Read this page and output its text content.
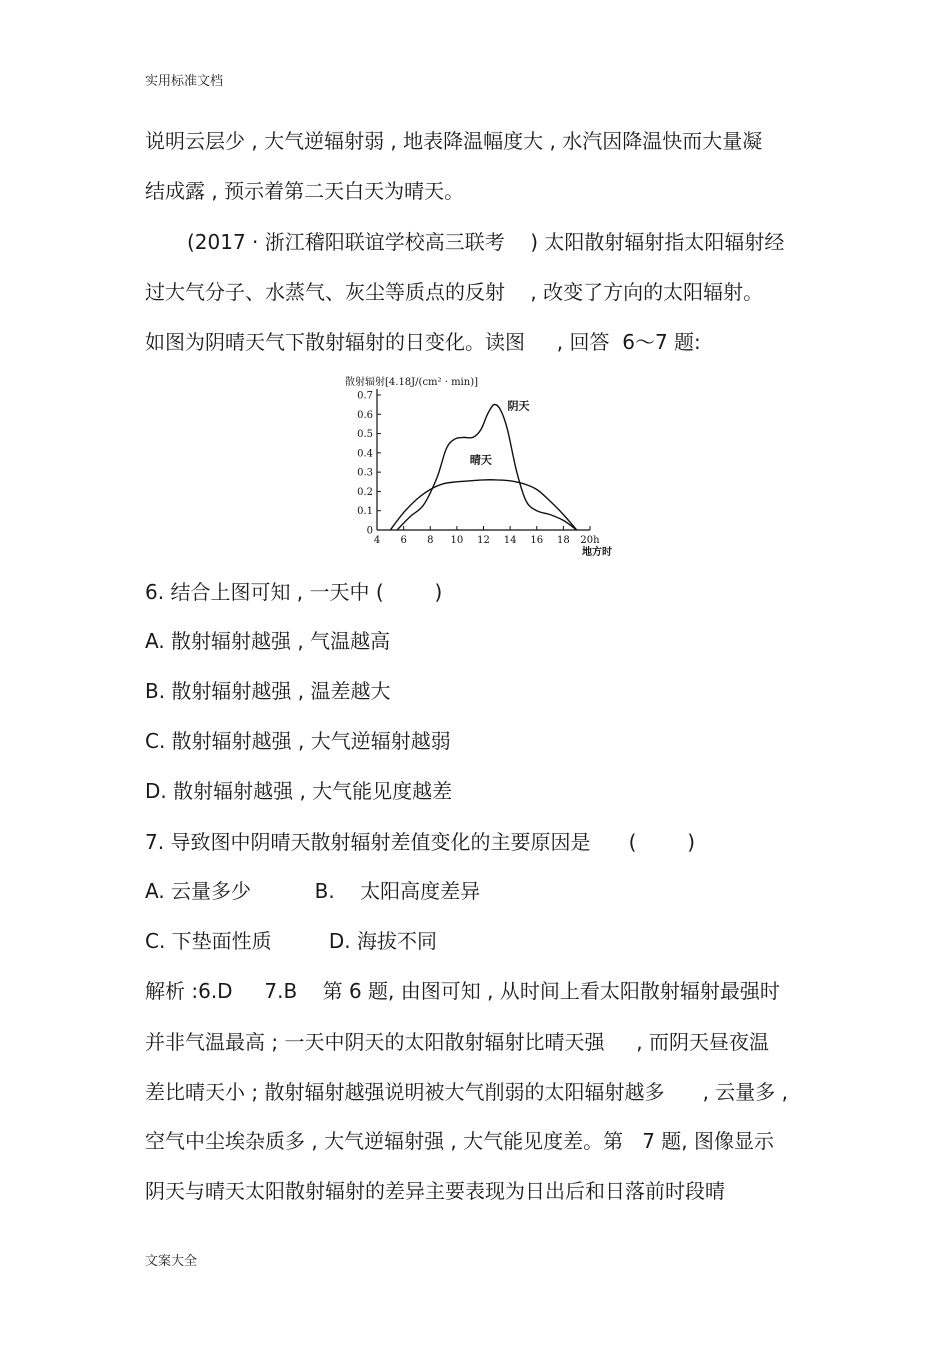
实用标准文档
说明云层少 , 大气逆辐射弱 , 地表降温幅度大 , 水汽因降温快而大量凝
结成露 , 预示着第二天白天为晴天。
(2017 · 浙江稽阳联谊学校高三联考    ) 太阳散射辐射指太阳辐射经
过大气分子、水蒸气、灰尘等质点的反射    , 改变了方向的太阳辐射。
如图为阴晴天气下散射辐射的日变化。读图     , 回答  6～7 题:
0
0.1
0.2
0.3
0.4
0.5
0.6
0.7
4 6 8 10 12 14 16 18 20h
散射辐射[4.18J/(cm² · min)]
地方时
阴天
晴天
6. 结合上图可知 , 一天中 (        )
A. 散射辐射越强 , 气温越高
B. 散射辐射越强 , 温差越大
C. 散射辐射越强 , 大气逆辐射越弱
D. 散射辐射越强 , 大气能见度越差
7. 导致图中阴晴天散射辐射差值变化的主要原因是      (        )
A. 云量多少          B.    太阳高度差异
C. 下垫面性质         D. 海拔不同
解析 :6.D     7.B    第 6 题, 由图可知 , 从时间上看太阳散射辐射最强时
并非气温最高 ; 一天中阴天的太阳散射辐射比晴天强     , 而阴天昼夜温
差比晴天小 ; 散射辐射越强说明被大气削弱的太阳辐射越多      , 云量多 ,
空气中尘埃杂质多 , 大气逆辐射强 , 大气能见度差。第   7 题, 图像显示
阴天与晴天太阳散射辐射的差异主要表现为日出后和日落前时段晴
文案大全
